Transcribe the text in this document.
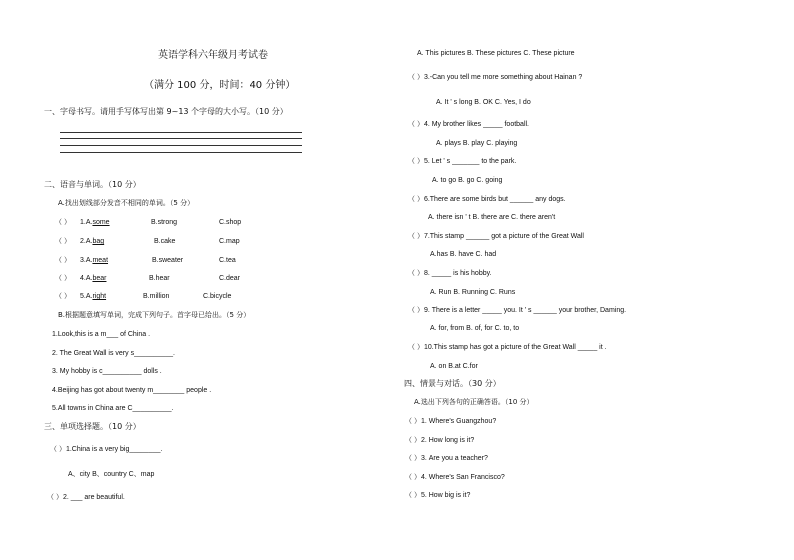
英语学科六年级月考试卷
（满分 100 分，时间：40 分钟）
一、字母书写。请用手写体写出第 9~13 个字母的大小写。（10 分）
二、语音与单词。（10 分）
A.找出划线部分发音不相同的单词。（5 分）
（ ） 1.A.some	B.strong	C.shop
（ ） 2.A.bag	B.cake	C.map
（ ） 3.A.meat	B.sweater	C.tea
（ ） 4.A.bear	B.hear	C.dear
（ ） 5.A.right	B.million	C.bicycle
B.根据题意填写单词，完成下列句子。首字母已给出。（5 分）
1.Look,this is a m___ of China .
2. The Great Wall is very s__________.
3. My hobby is c__________ dolls .
4.Beijing has got about twenty m________ people .
5.All towns in China are C__________.
三、单项选择题。（10 分）
（ ）1.China is a very big________.
A、city B、country C、map
（ ）2. ___ are beautiful.
A. This pictures B. These pictures C. These picture
（ ）3.-Can you tell me more something about Hainan ?
A. It ' s long B. OK C. Yes, I do
（ ）4. My brother likes _____ football.
A. plays B. play C. playing
（ ）5. Let ' s _______ to the park.
A. to go B. go C. going
（ ）6.There are some birds but ______ any dogs.
A. there isn ' t B. there are C. there aren't
（ ）7.This stamp ______ got a picture of the Great Wall
A.has B. have C. had
（ ）8. _____ is his hobby.
A. Run B. Running C. Runs
（ ）9. There is a letter _____ you. It ' s ______ your brother, Daming.
A. for, from B. of, for C. to, to
（ ）10.This stamp has got a picture of the Great Wall _____ it .
A. on B.at C.for
四、情景与对话。（30 分）
A.选出下列各句的正确答语。（10 分）
（ ）1. Where's Guangzhou?
（ ）2. How long is it?
（ ）3. Are you a teacher?
（ ）4. Where's San Francisco?
（ ）5. How big is it?
